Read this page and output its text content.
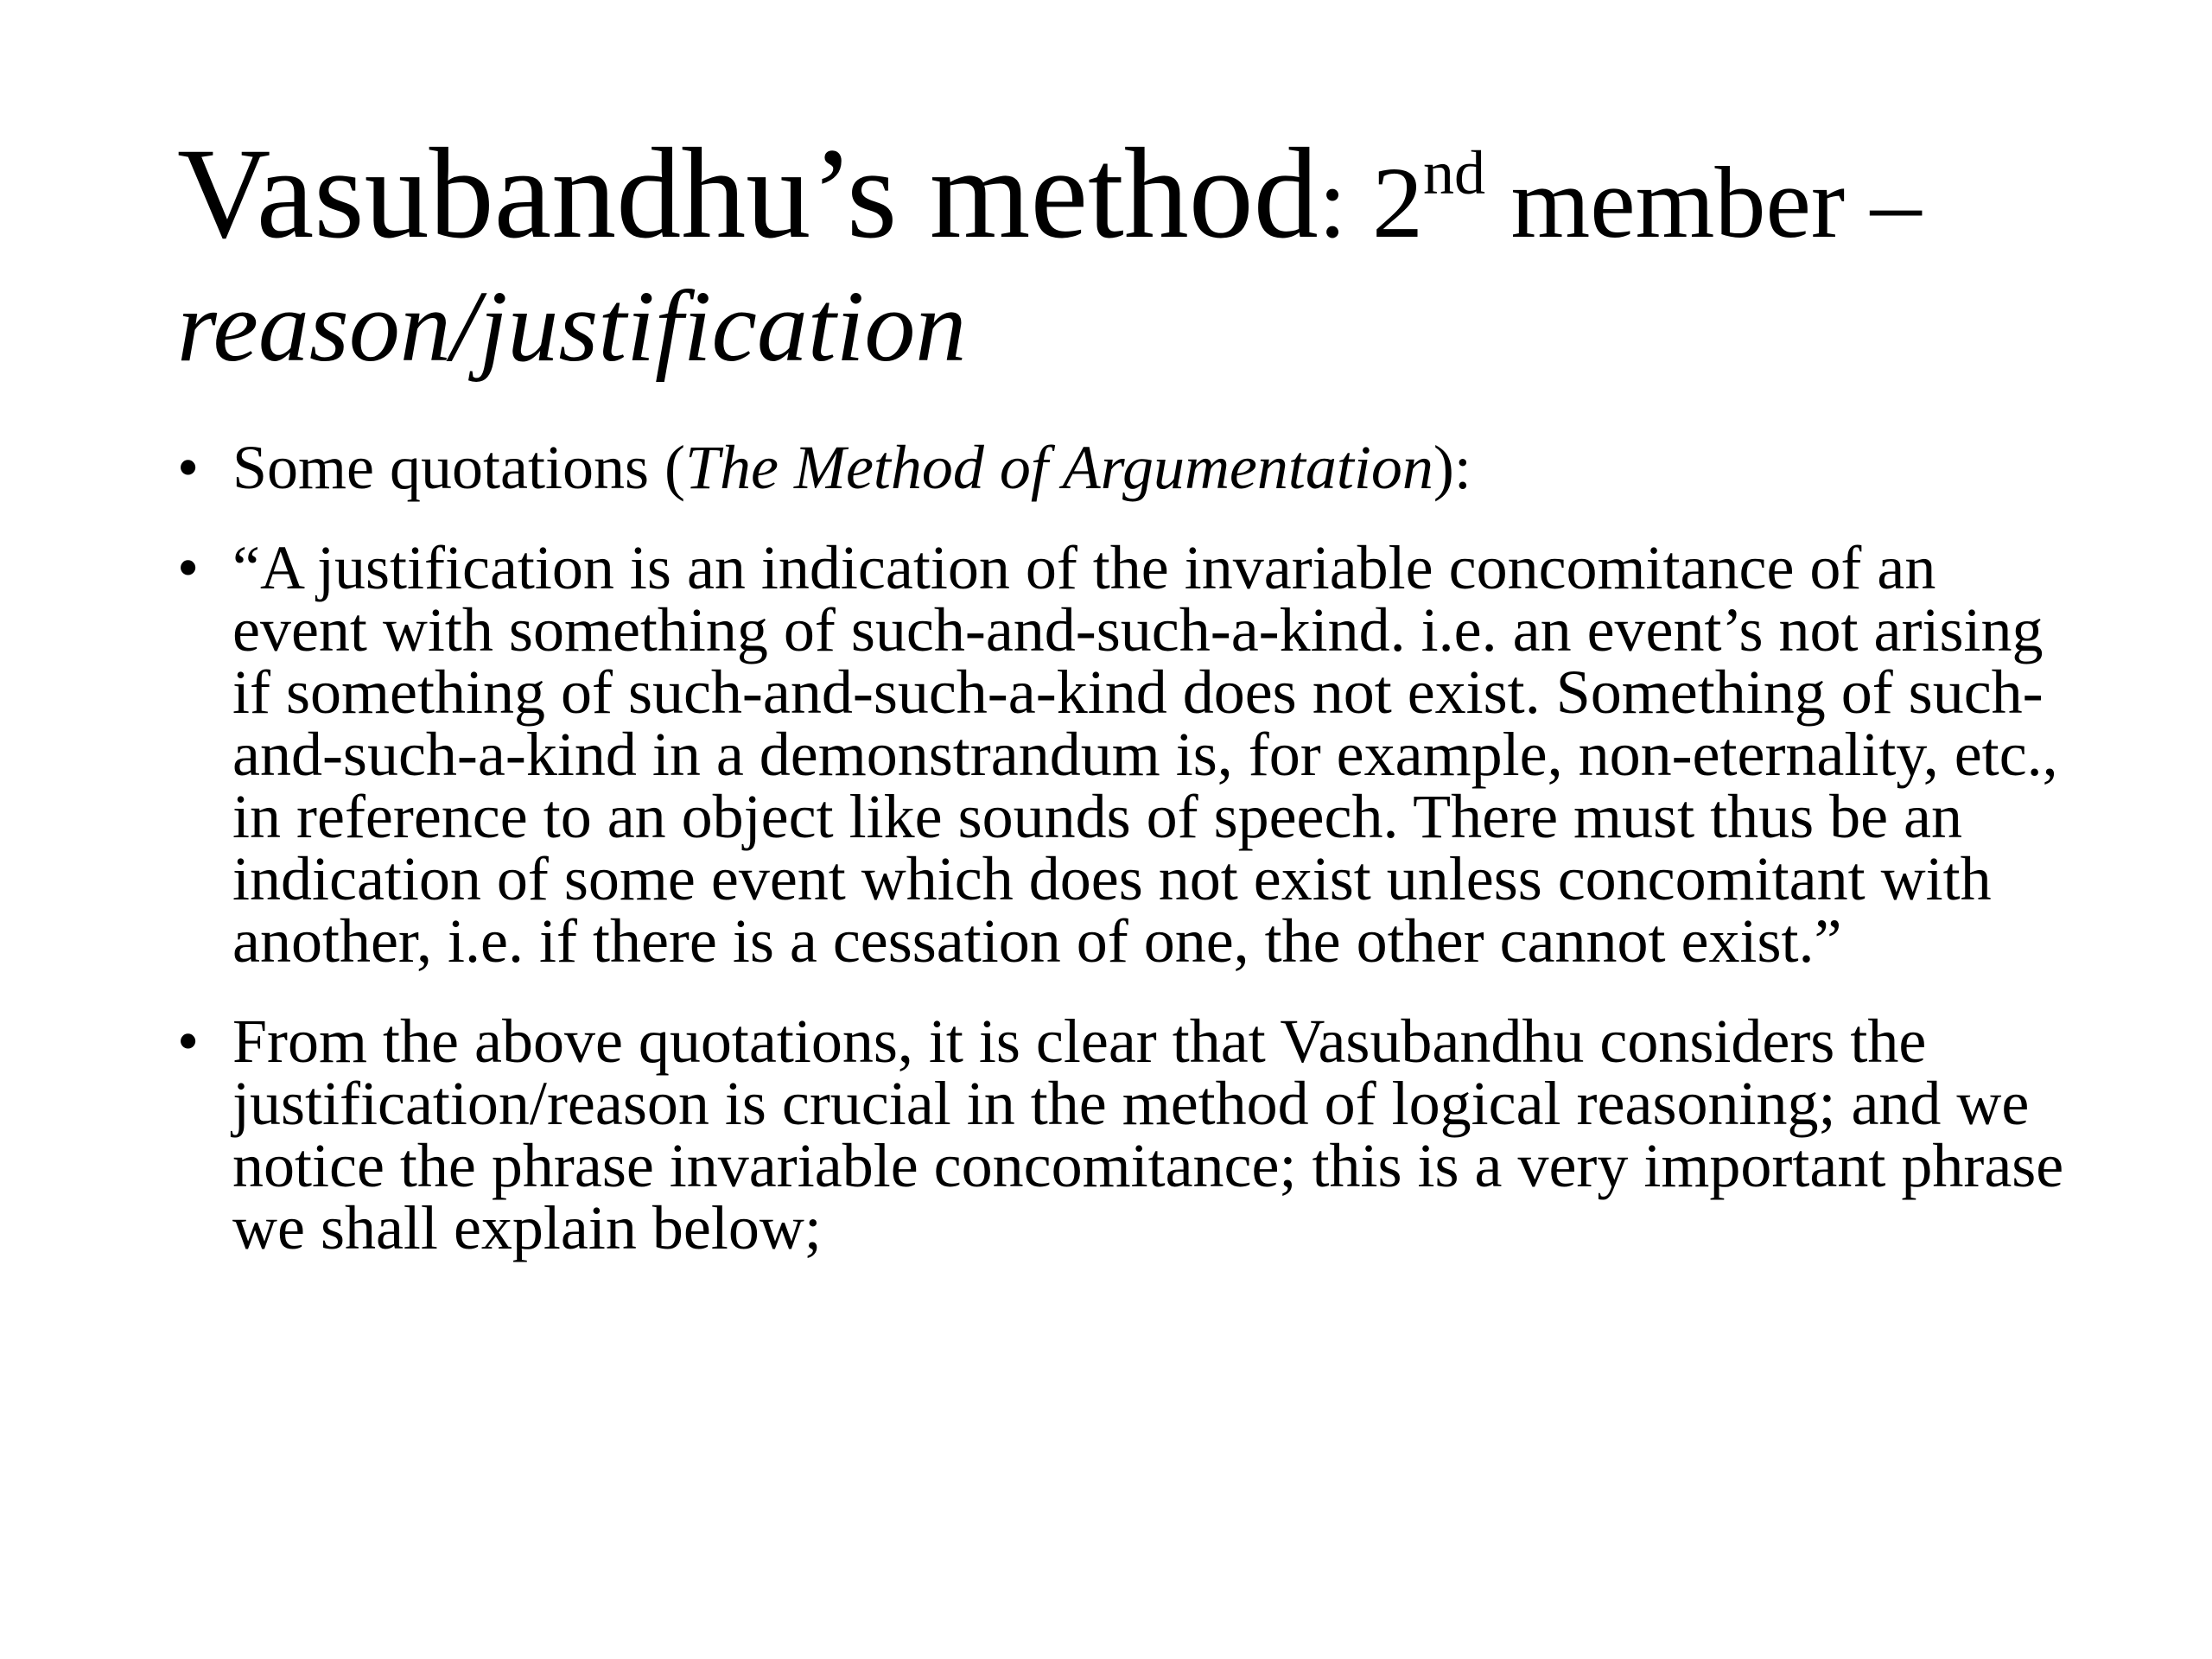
Vasubandhu’s method: 2nd member –
reason/justification
• Some quotations (The Method of Argumentation):
• “A justification is an indication of the invariable concomitance of an event with something of such-and-such-a-kind. i.e. an event’s not arising if something of such-and-such-a-kind does not exist. Something of such-and-such-a-kind in a demonstrandum is, for example, non-eternality, etc., in reference to an object like sounds of speech. There must thus be an indication of some event which does not exist unless concomitant with another, i.e. if there is a cessation of one, the other cannot exist.”
• From the above quotations, it is clear that Vasubandhu considers the justification/reason is crucial in the method of logical reasoning; and we notice the phrase invariable concomitance; this is a very important phrase we shall explain below;
